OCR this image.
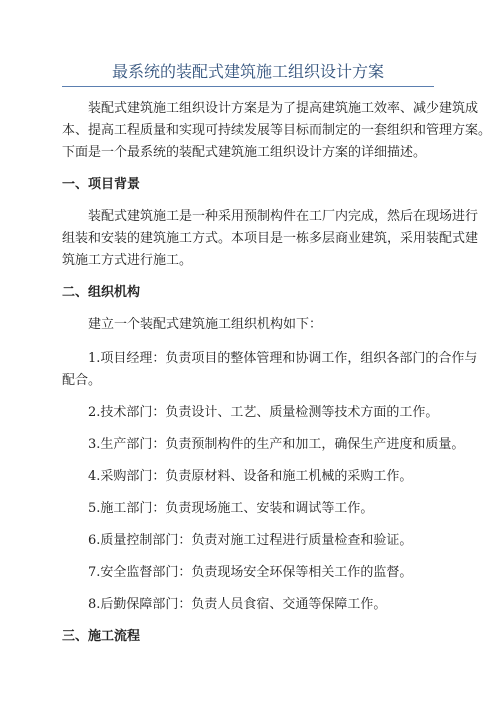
最系统的装配式建筑施工组织设计方案
装配式建筑施工组织设计方案是为了提高建筑施工效率、减少建筑成
本、提高工程质量和实现可持续发展等目标而制定的一套组织和管理方案。
下面是一个最系统的装配式建筑施工组织设计方案的详细描述。
一、项目背景
装配式建筑施工是一种采用预制构件在工厂内完成，然后在现场进行
组装和安装的建筑施工方式。本项目是一栋多层商业建筑，采用装配式建
筑施工方式进行施工。
二、组织机构
建立一个装配式建筑施工组织机构如下：
1.项目经理：负责项目的整体管理和协调工作，组织各部门的合作与
配合。
2.技术部门：负责设计、工艺、质量检测等技术方面的工作。
3.生产部门：负责预制构件的生产和加工，确保生产进度和质量。
4.采购部门：负责原材料、设备和施工机械的采购工作。
5.施工部门：负责现场施工、安装和调试等工作。
6.质量控制部门：负责对施工过程进行质量检查和验证。
7.安全监督部门：负责现场安全环保等相关工作的监督。
8.后勤保障部门：负责人员食宿、交通等保障工作。
三、施工流程
